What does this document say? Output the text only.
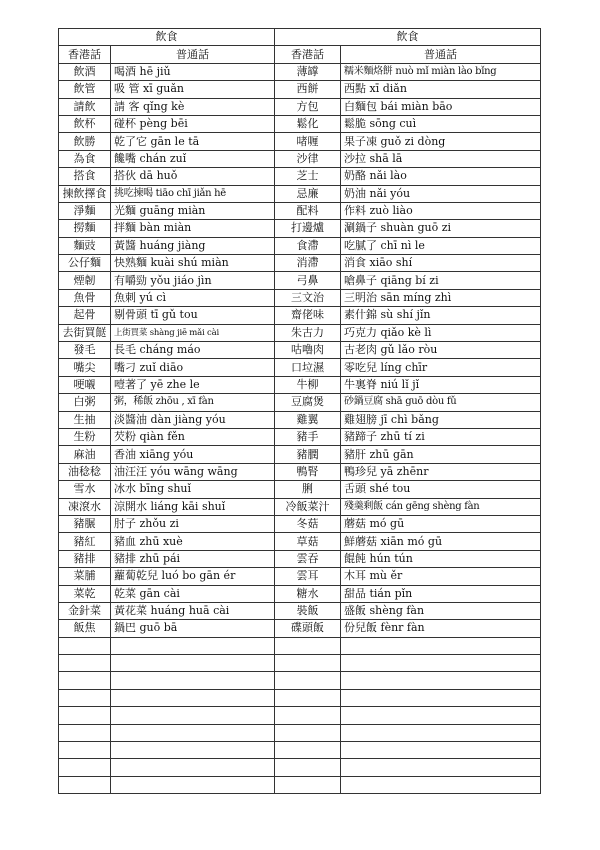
飲食		飲食	
香港話	普通話	香港話	普通話
飲酒	喝酒 hē jiǔ	薄罉	糯米麵烙餅 nuò mǐ miàn lào bǐng
飲管	吸 管 xī guǎn	西餅	西點 xī diǎn
請飲	請 客 qǐng kè	方包	白麵包 bái miàn bāo
飲杯	碰杯 pèng bēi	鬆化	鬆脆 sōng cuì
飲勝	乾了它 gān le tā	啫喱	果子凍 guǒ zi dòng
為食	饞嘴 chán zuǐ	沙律	沙拉 shā lā
搭食	搭伙 dā huǒ	芝士	奶酪 nǎi lào
揀飲擇食	挑吃揀喝 tiāo chī jiǎn hē	忌廉	奶油 nǎi yóu
淨麵	光麵 guāng miàn	配料	作料 zuò liào
撈麵	拌麵 bàn miàn	打邊爐	涮鍋子 shuàn guō zi
麵豉	黃醬 huáng jiàng	食滯	吃膩了 chī nì le
公仔麵	快熟麵 kuài shú miàn	消滯	消食 xiāo shí
煙韌	有嚼勁 yǒu jiáo jìn	弓鼻	嗆鼻子 qiāng bí zi
魚骨	魚刺 yú cì	三文治	三明治 sān míng zhì
起骨	剔骨頭 tī gǔ tou	齋佬味	素什錦 sù shí jǐn
去街買餸	上街買菜 shàng jiē mǎi cài	朱古力	巧克力 qiǎo kè lì
發毛	長毛 cháng máo	咕嚕肉	古老肉 gǔ lǎo ròu
嘴尖	嘴刁 zuǐ diāo	口垃濕	零吃兒 líng chīr
哽嚫	噎著了 yē zhe le	牛柳	牛裏脊 niú lǐ jǐ
白粥	粥，稀飯 zhōu , xī fàn	豆腐煲	砂鍋豆腐 shā guō dòu fǔ
生抽	淡醬油 dàn jiàng yóu	雞翼	雞翅膀 jī chì bǎng
生粉	芡粉 qiàn fěn	豬手	豬蹄子 zhū tí zi
麻油	香油 xiāng yóu	豬膶	豬肝 zhū gān
油稔稔	油汪汪 yóu wāng wāng	鴨腎	鴨珍兒 yā zhēnr
雪水	冰水 bīng shuǐ	脷	舌頭 shé tou
凍滾水	涼開水 liáng kāi shuǐ	冷飯菜汁	殘羹剩飯 cán gēng shèng fàn
豬𦟌	肘子 zhǒu zi	冬菇	蘑菇 mó gū
豬紅	豬血 zhū xuè	草菇	鮮蘑菇 xiān mó gū
豬排	豬排 zhū pái	雲吞	餛飩 hún tún
菜脯	蘿蔔乾兒 luó bo gān ér	雲耳	木耳 mù ěr
菜乾	乾菜 gān cài	糖水	甜品 tián pǐn
金針菜	黃花菜 huáng huā cài	裝飯	盛飯 shèng fàn
飯焦	鍋巴 guō bā	碟頭飯	份兒飯 fènr fàn
